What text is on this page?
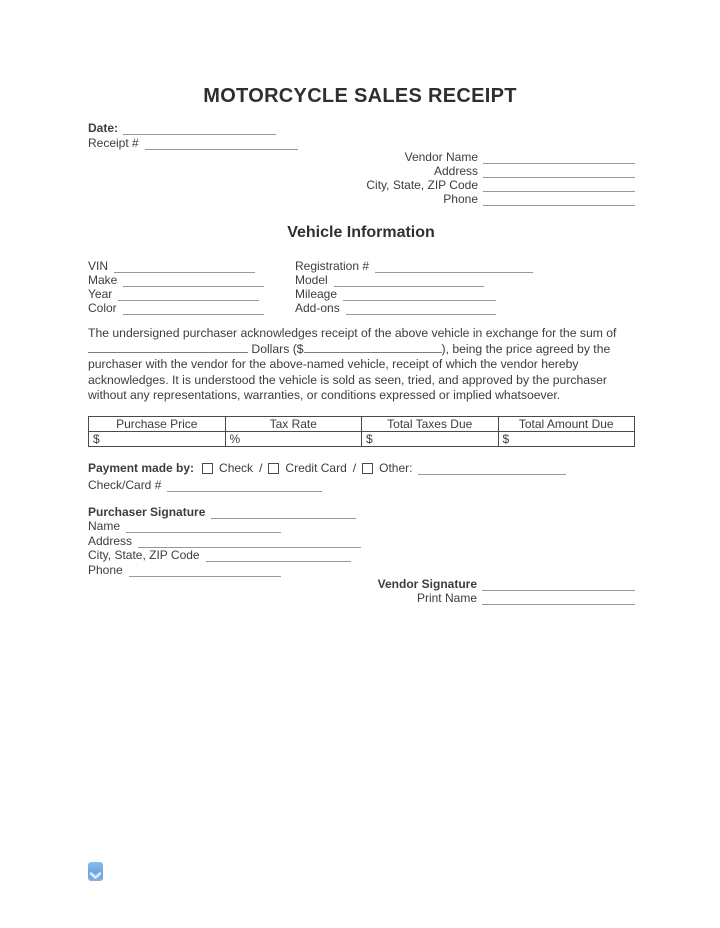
MOTORCYCLE SALES RECEIPT
Date:
Receipt #
Vendor Name
Address
City, State, ZIP Code
Phone
Vehicle Information
VIN	Registration #
Make	Model
Year	Mileage
Color	Add-ons
The undersigned purchaser acknowledges receipt of the above vehicle in exchange for the sum of  Dollars ($	), being the price agreed by the purchaser with the vendor for the above-named vehicle, receipt of which the vendor hereby acknowledges. It is understood the vehicle is sold as seen, tried, and approved by the purchaser without any representations, warranties, or conditions expressed or implied whatsoever.
Purchase Price	Tax Rate	Total Taxes Due	Total Amount Due
$	%	$	$
Payment made by: Check / Credit Card / Other:
Check/Card #
Purchaser Signature
Name
Address
City, State, ZIP Code
Phone
Vendor Signature
Print Name
